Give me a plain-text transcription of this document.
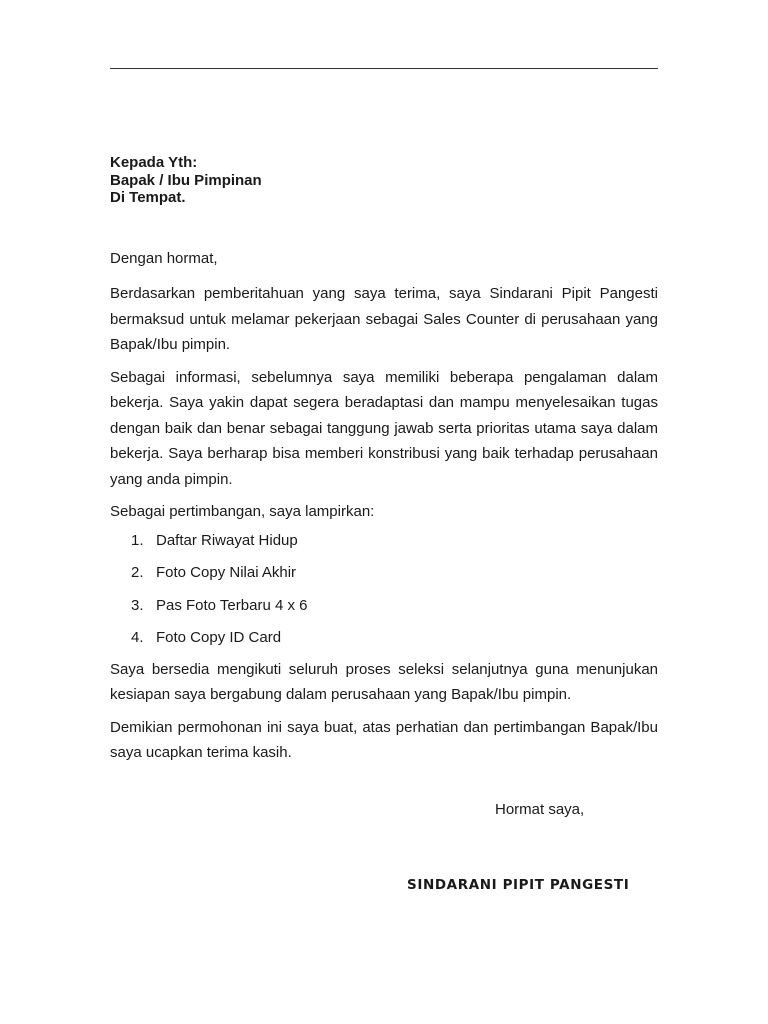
Kepada Yth:
Bapak / Ibu Pimpinan
Di Tempat.
Dengan hormat,

Berdasarkan pemberitahuan yang saya terima, saya Sindarani Pipit Pangesti bermaksud untuk melamar pekerjaan sebagai Sales Counter di perusahaan yang Bapak/Ibu pimpin.

Sebagai informasi, sebelumnya saya memiliki beberapa pengalaman dalam bekerja. Saya yakin dapat segera beradaptasi dan mampu menyelesaikan tugas dengan baik dan benar sebagai tanggung jawab serta prioritas utama saya dalam bekerja. Saya berharap bisa memberi konstribusi yang baik terhadap perusahaan yang anda pimpin.

Sebagai pertimbangan, saya lampirkan:

1. Daftar Riwayat Hidup
2. Foto Copy Nilai Akhir
3. Pas Foto Terbaru 4 x 6
4. Foto Copy ID Card

Saya bersedia mengikuti seluruh proses seleksi selanjutnya guna menunjukan kesiapan saya bergabung dalam perusahaan yang Bapak/Ibu pimpin.

Demikian permohonan ini saya buat, atas perhatian dan pertimbangan Bapak/Ibu saya ucapkan terima kasih.

Hormat saya,
SINDARANI PIPIT PANGESTI
